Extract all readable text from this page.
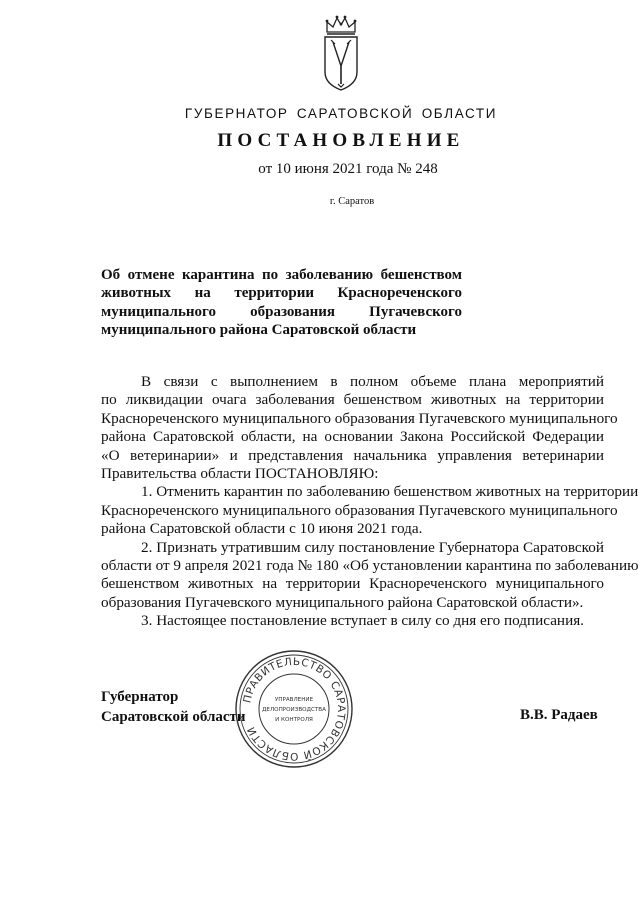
ГУБЕРНАТОР САРАТОВСКОЙ ОБЛАСТИ
ПОСТАНОВЛЕНИЕ
от 10 июня 2021 года № 248
г. Саратов
Об отмене карантина по заболеванию бешенством
животных на территории Краснореченского
муниципального образования Пугачевского
муниципального района Саратовской области
В связи с выполнением в полном объеме плана мероприятий
по ликвидации очага заболевания бешенством животных на территории
Краснореченского муниципального образования Пугачевского муниципального
района Саратовской области, на основании Закона Российской Федерации
«О ветеринарии» и представления начальника управления ветеринарии
Правительства области ПОСТАНОВЛЯЮ:
1. Отменить карантин по заболеванию бешенством животных на территории
Краснореченского муниципального образования Пугачевского муниципального
района Саратовской области с 10 июня 2021 года.
2. Признать утратившим силу постановление Губернатора Саратовской
области от 9 апреля 2021 года № 180 «Об установлении карантина по заболеванию
бешенством животных на территории Краснореченского муниципального
образования Пугачевского муниципального района Саратовской области».
3. Настоящее постановление вступает в силу со дня его подписания.
Губернатор
Саратовской области	В.В. Радаев
ПРАВИТЕЛЬСТВО САРАТОВСКОЙ ОБЛАСТИ
УПРАВЛЕНИЕ
ДЕЛОПРОИЗВОДСТВА
И КОНТРОЛЯ
